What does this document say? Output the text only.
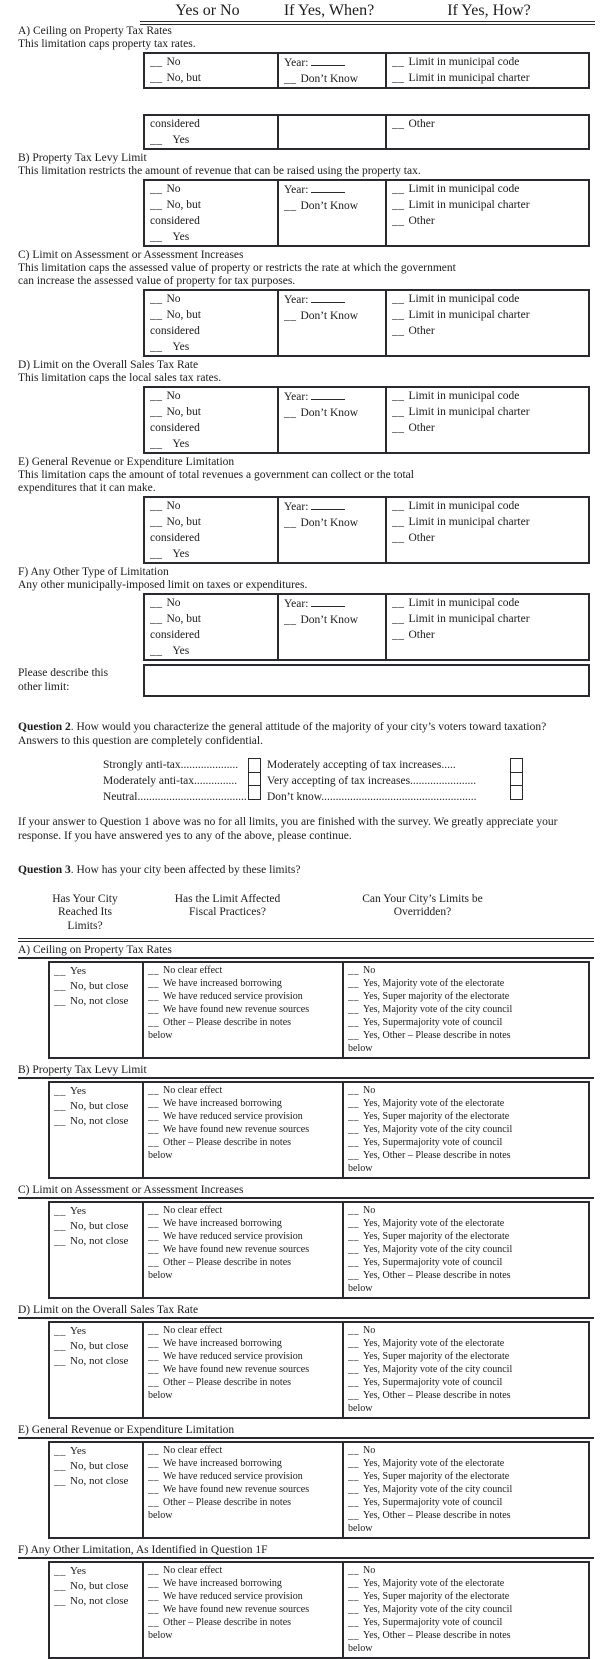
Yes or No	If Yes, When?	If Yes, How?
A) Ceiling on Property Tax Rates
This limitation caps property tax rates.
__ No
__ No, but
Year:
__ Don’t Know
__ Limit in municipal code
__ Limit in municipal charter
considered
__ Yes
__ Other
B) Property Tax Levy Limit
This limitation restricts the amount of revenue that can be raised using the property tax.
__ No
__ No, but
considered
__ Yes
Year:
__ Don’t Know
__ Limit in municipal code
__ Limit in municipal charter
__ Other
C) Limit on Assessment or Assessment Increases
This limitation caps the assessed value of property or restricts the rate at which the government
can increase the assessed value of property for tax purposes.
__ No
__ No, but
considered
__ Yes
Year:
__ Don’t Know
__ Limit in municipal code
__ Limit in municipal charter
__ Other
D) Limit on the Overall Sales Tax Rate
This limitation caps the local sales tax rates.
__ No
__ No, but
considered
__ Yes
Year:
__ Don’t Know
__ Limit in municipal code
__ Limit in municipal charter
__ Other
E) General Revenue or Expenditure Limitation
This limitation caps the amount of total revenues a government can collect or the total
expenditures that it can make.
__ No
__ No, but
considered
__ Yes
Year:
__ Don’t Know
__ Limit in municipal code
__ Limit in municipal charter
__ Other
F) Any Other Type of Limitation
Any other municipally-imposed limit on taxes or expenditures.
__ No
__ No, but
considered
__ Yes
Year:
__ Don’t Know
__ Limit in municipal code
__ Limit in municipal charter
__ Other
Please describe this
other limit:
Question 2. How would you characterize the general attitude of the majority of your city’s voters toward taxation? Answers to this question are completely confidential.
Strongly anti-tax....................
Moderately anti-tax...............
Neutral......................................
Moderately accepting of tax increases.....
Very accepting of tax increases.......................
Don’t know......................................................
If your answer to Question 1 above was no for all limits, you are finished with the survey. We greatly appreciate your response. If you have answered yes to any of the above, please continue.
Question 3. How has your city been affected by these limits?
Has Your City
Reached Its
Limits?
Has the Limit Affected
Fiscal Practices?
Can Your City’s Limits be
Overridden?
A) Ceiling on Property Tax Rates
__ Yes
__ No, but close
__ No, not close
__ No clear effect
__ We have increased borrowing
__ We have reduced service provision
__ We have found new revenue sources
__ Other – Please describe in notes
below
__ No
__ Yes, Majority vote of the electorate
__ Yes, Super majority of the electorate
__ Yes, Majority vote of the city council
__ Yes, Supermajority vote of council
__ Yes, Other – Please describe in notes
below
B) Property Tax Levy Limit
__ Yes
__ No, but close
__ No, not close
__ No clear effect
__ We have increased borrowing
__ We have reduced service provision
__ We have found new revenue sources
__ Other – Please describe in notes
below
__ No
__ Yes, Majority vote of the electorate
__ Yes, Super majority of the electorate
__ Yes, Majority vote of the city council
__ Yes, Supermajority vote of council
__ Yes, Other – Please describe in notes
below
C) Limit on Assessment or Assessment Increases
__ Yes
__ No, but close
__ No, not close
__ No clear effect
__ We have increased borrowing
__ We have reduced service provision
__ We have found new revenue sources
__ Other – Please describe in notes
below
__ No
__ Yes, Majority vote of the electorate
__ Yes, Super majority of the electorate
__ Yes, Majority vote of the city council
__ Yes, Supermajority vote of council
__ Yes, Other – Please describe in notes
below
D) Limit on the Overall Sales Tax Rate
__ Yes
__ No, but close
__ No, not close
__ No clear effect
__ We have increased borrowing
__ We have reduced service provision
__ We have found new revenue sources
__ Other – Please describe in notes
below
__ No
__ Yes, Majority vote of the electorate
__ Yes, Super majority of the electorate
__ Yes, Majority vote of the city council
__ Yes, Supermajority vote of council
__ Yes, Other – Please describe in notes
below
E) General Revenue or Expenditure Limitation
__ Yes
__ No, but close
__ No, not close
__ No clear effect
__ We have increased borrowing
__ We have reduced service provision
__ We have found new revenue sources
__ Other – Please describe in notes
below
__ No
__ Yes, Majority vote of the electorate
__ Yes, Super majority of the electorate
__ Yes, Majority vote of the city council
__ Yes, Supermajority vote of council
__ Yes, Other – Please describe in notes
below
F) Any Other Limitation, As Identified in Question 1F
__ Yes
__ No, but close
__ No, not close
__ No clear effect
__ We have increased borrowing
__ We have reduced service provision
__ We have found new revenue sources
__ Other – Please describe in notes
below
__ No
__ Yes, Majority vote of the electorate
__ Yes, Super majority of the electorate
__ Yes, Majority vote of the city council
__ Yes, Supermajority vote of council
__ Yes, Other – Please describe in notes
below
